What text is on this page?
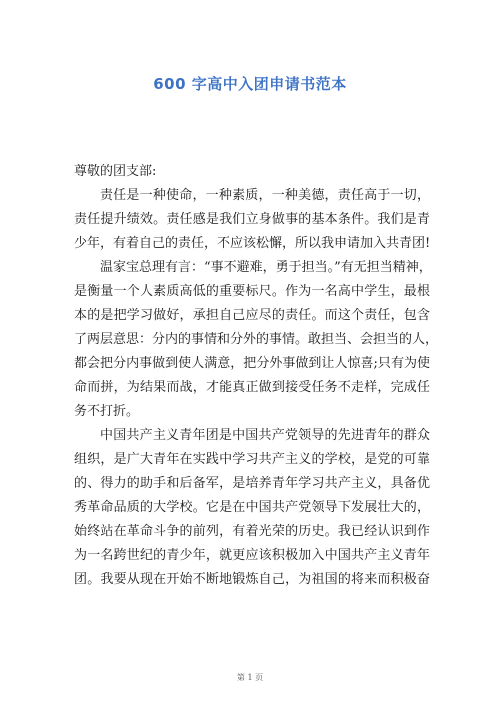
600 字高中入团申请书范本

尊敬的团支部:

责任是一种使命，一种素质，一种美德，责任高于一切，
责任提升绩效。责任感是我们立身做事的基本条件。我们是青
少年，有着自己的责任，不应该松懈，所以我申请加入共青团!

温家宝总理有言：“事不避难，勇于担当。”有无担当精神，
是衡量一个人素质高低的重要标尺。作为一名高中学生，最根
本的是把学习做好，承担自己应尽的责任。而这个责任，包含
了两层意思：分内的事情和分外的事情。敢担当、会担当的人，
都会把分内事做到使人满意，把分外事做到让人惊喜;只有为使
命而拼，为结果而战，才能真正做到接受任务不走样，完成任
务不打折。

中国共产主义青年团是中国共产党领导的先进青年的群众
组织，是广大青年在实践中学习共产主义的学校，是党的可靠
的、得力的助手和后备军，是培养青年学习共产主义，具备优
秀革命品质的大学校。它是在中国共产党领导下发展壮大的，
始终站在革命斗争的前列，有着光荣的历史。我已经认识到作
为一名跨世纪的青少年，就更应该积极加入中国共产主义青年
团。我要从现在开始不断地锻炼自己，为祖国的将来而积极奋

第 1 页
